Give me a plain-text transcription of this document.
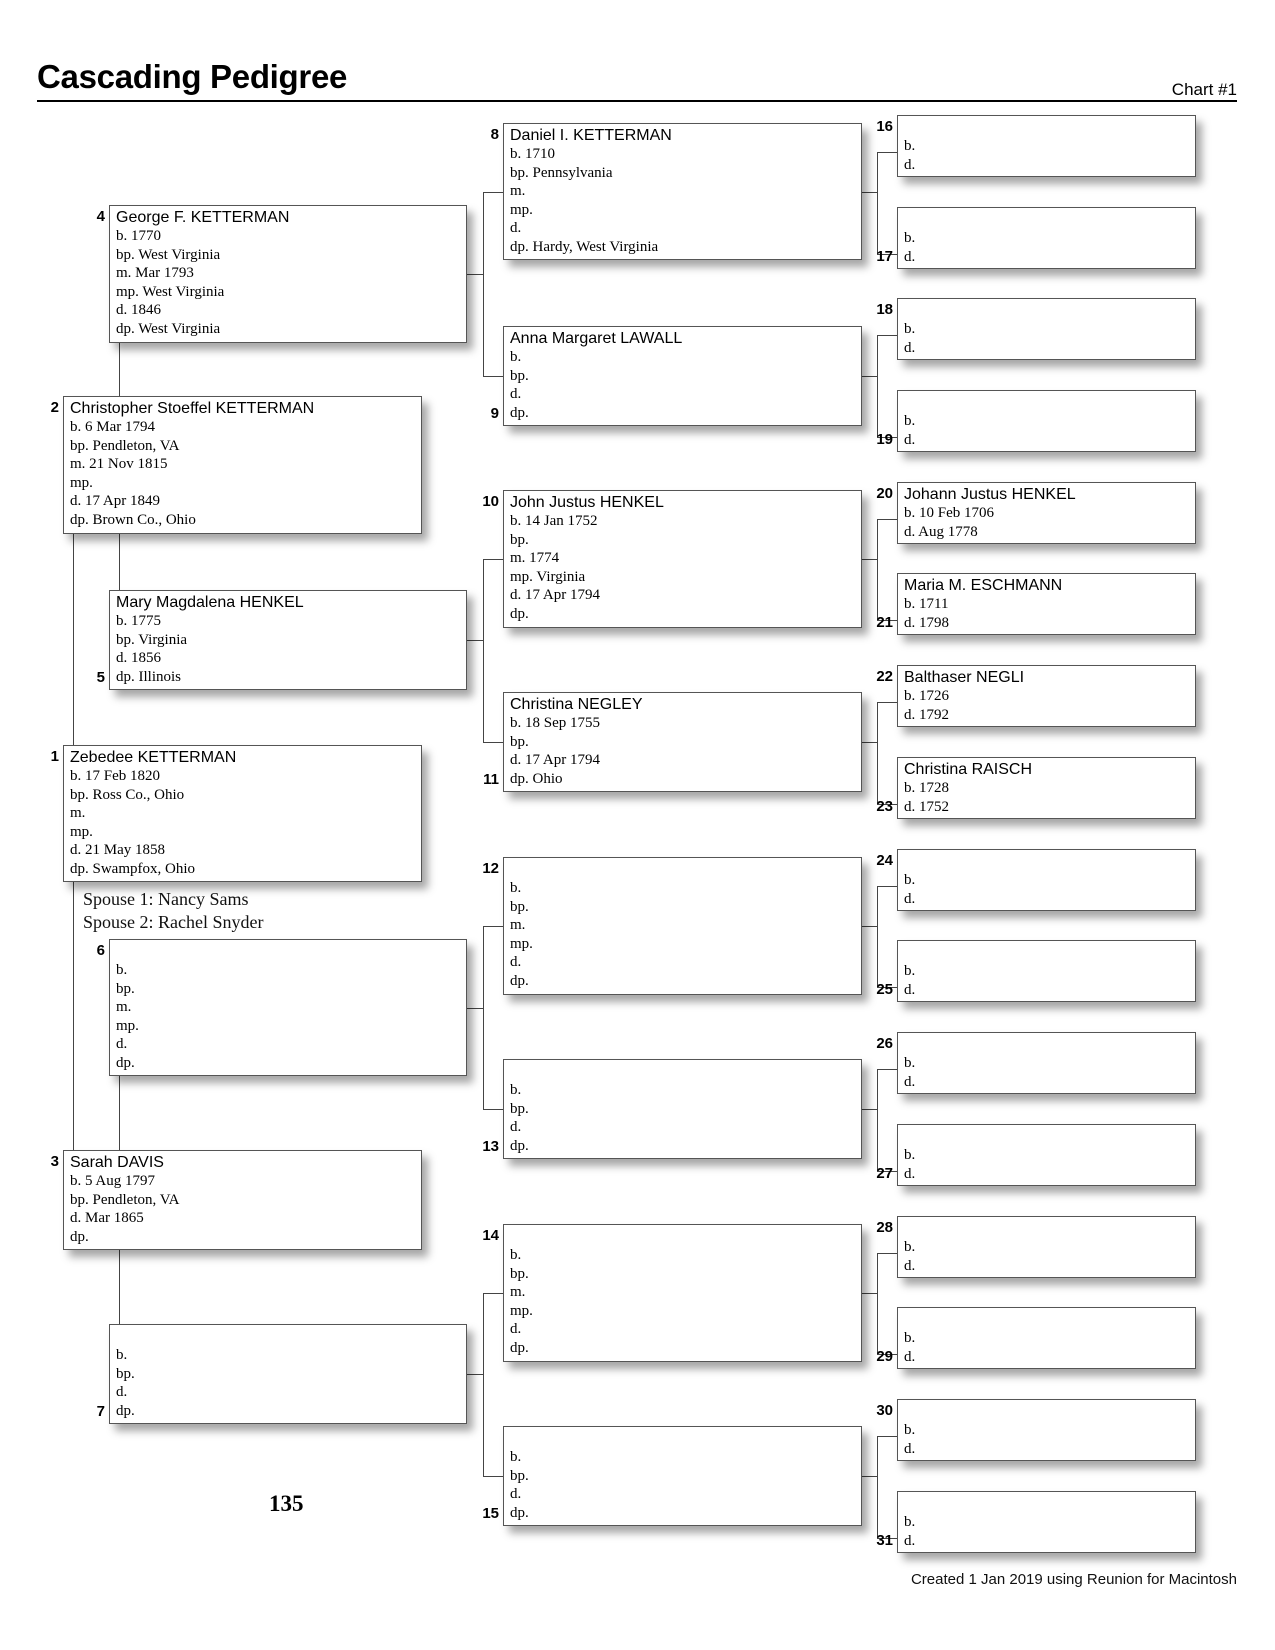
Cascading Pedigree	Chart #1
Zebedee KETTERMAN
b. 17 Feb 1820
bp. Ross Co., Ohio
m.
mp.
d. 21 May 1858
dp. Swampfox, Ohio
1
Christopher Stoeffel KETTERMAN
b. 6 Mar 1794
bp. Pendleton, VA
m. 21 Nov 1815
mp.
d. 17 Apr 1849
dp. Brown Co., Ohio
2
Sarah DAVIS
b. 5 Aug 1797
bp. Pendleton, VA
d. Mar 1865
dp.
3
George F. KETTERMAN
b. 1770
bp. West Virginia
m. Mar 1793
mp. West Virginia
d. 1846
dp. West Virginia
4
Mary Magdalena HENKEL
b. 1775
bp. Virginia
d. 1856
dp. Illinois
5
b.
bp.
m.
mp.
d.
dp.
6
b.
bp.
d.
dp.
7
Daniel I. KETTERMAN
b. 1710
bp. Pennsylvania
m.
mp.
d.
dp. Hardy, West Virginia
8
Anna Margaret LAWALL
b.
bp.
d.
dp.
9
John Justus HENKEL
b. 14 Jan 1752
bp.
m. 1774
mp. Virginia
d. 17 Apr 1794
dp.
10
Christina NEGLEY
b. 18 Sep 1755
bp.
d. 17 Apr 1794
dp. Ohio
11
b.
bp.
m.
mp.
d.
dp.
12
b.
bp.
d.
dp.
13
b.
bp.
m.
mp.
d.
dp.
14
b.
bp.
d.
dp.
15
b.
d.
16
b.
d.
17
b.
d.
18
b.
d.
19
Johann Justus HENKEL
b. 10 Feb 1706
d. Aug 1778
20
Maria M. ESCHMANN
b. 1711
d. 1798
21
Balthaser NEGLI
b. 1726
d. 1792
22
Christina RAISCH
b. 1728
d. 1752
23
b.
d.
24
b.
d.
25
b.
d.
26
b.
d.
27
b.
d.
28
b.
d.
29
b.
d.
30
b.
d.
31
Spouse 1: Nancy Sams
Spouse 2: Rachel Snyder
135
Created 1 Jan 2019 using Reunion for Macintosh
